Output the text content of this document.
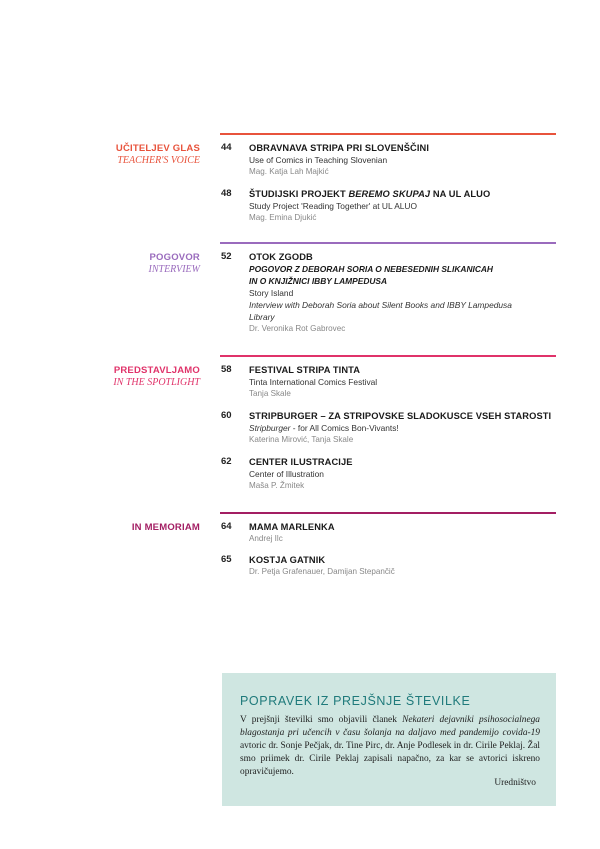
UČITELJEV GLAS
TEACHER'S VOICE
44 OBRAVNAVA STRIPA PRI SLOVENŠČINI
Use of Comics in Teaching Slovenian
Mag. Katja Lah Majkić
48 ŠTUDIJSKI PROJEKT BEREMO SKUPAJ NA UL ALUO
Study Project 'Reading Together' at UL ALUO
Mag. Emina Djukić
POGOVOR
INTERVIEW
52 OTOK ZGODB
POGOVOR Z DEBORAH SORIA O NEBESEDNIH SLIKANICAH
IN O KNJIŽNICI IBBY LAMPEDUSA
Story Island
Interview with Deborah Soria about Silent Books and IBBY Lampedusa
Library
Dr. Veronika Rot Gabrovec
PREDSTAVLJAMO
IN THE SPOTLIGHT
58 FESTIVAL STRIPA TINTA
Tinta International Comics Festival
Tanja Skale
60 STRIPBURGER – ZA STRIPOVSKE SLADOKUSCE VSEH STAROSTI
Stripburger - for All Comics Bon-Vivants!
Katerina Mirović, Tanja Skale
62 CENTER ILUSTRACIJE
Center of Illustration
Maša P. Žmitek
IN MEMORIAM 64 MAMA MARLENKA
Andrej Ilc
65 KOSTJA GATNIK
Dr. Petja Grafenauer, Damijan Stepančič
POPRAVEK IZ PREJŠNJE ŠTEVILKE
V prejšnji številki smo objavili članek Nekateri dejavniki psihosocialnega blagostanja pri učencih v času šolanja na daljavo med pandemijo covida-19 avtoric dr. Sonje Pečjak, dr. Tine Pirc, dr. Anje Podlesek in dr. Cirile Peklaj. Žal smo priimek dr. Cirile Peklaj zapisali napačno, za kar se avtorici iskreno opravičujemo.
Uredništvo
